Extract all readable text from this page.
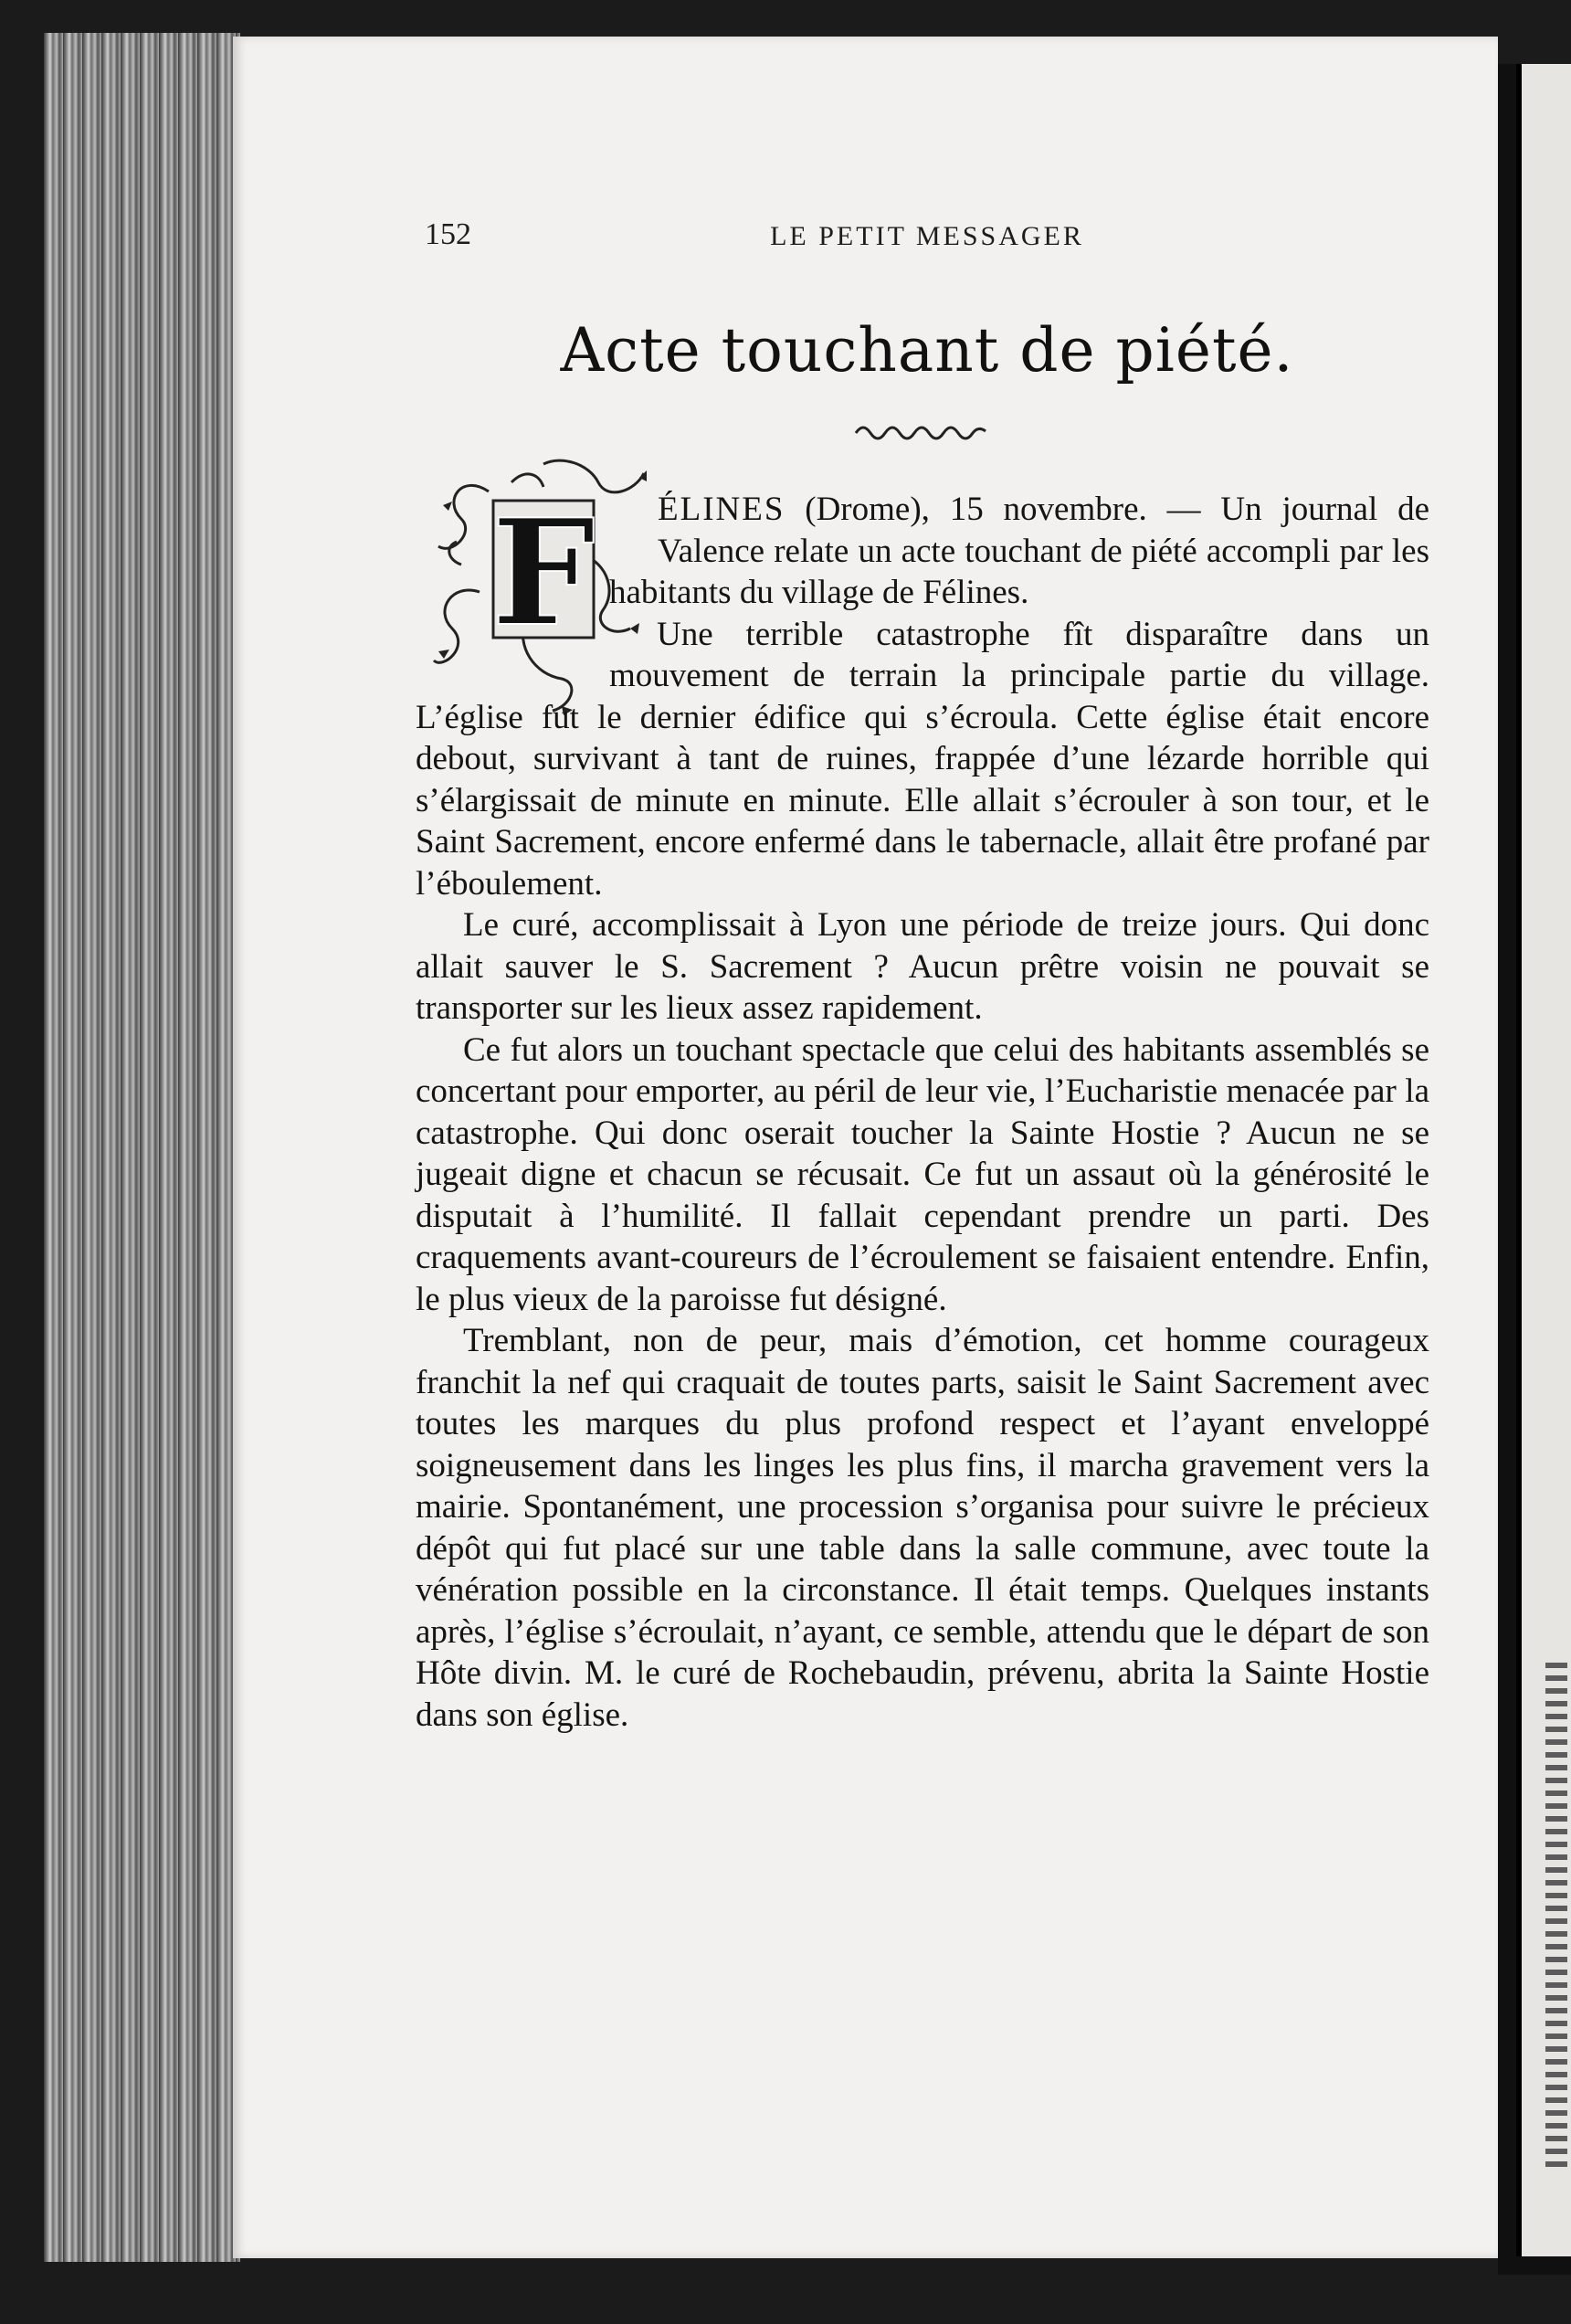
152	LE PETIT MESSAGER
Acte touchant de piété.
F	ÉLINES (Drome), 15 novembre. — Un journal de Valence relate un acte touchant de piété accompli par les habitants du village de Félines.

Une terrible catastrophe fît disparaître dans un mouvement de terrain la principale partie du village. L’église fut le dernier édifice qui s’écroula. Cette église était encore debout, survivant à tant de ruines, frappée d’une lézarde horrible qui s’élargissait de minute en minute. Elle allait s’écrouler à son tour, et le Saint Sacrement, encore enfermé dans le tabernacle, allait être profané par l’éboulement.

Le curé, accomplissait à Lyon une période de treize jours. Qui donc allait sauver le S. Sacrement ? Aucun prêtre voisin ne pouvait se transporter sur les lieux assez rapidement.

Ce fut alors un touchant spectacle que celui des habitants assemblés se concertant pour emporter, au péril de leur vie, l’Eucharistie menacée par la catastrophe. Qui donc oserait toucher la Sainte Hostie ? Aucun ne se jugeait digne et chacun se récusait. Ce fut un assaut où la générosité le disputait à l’humilité. Il fallait cependant prendre un parti. Des craquements avant-coureurs de l’écroulement se faisaient entendre. Enfin, le plus vieux de la paroisse fut désigné.

Tremblant, non de peur, mais d’émotion, cet homme courageux franchit la nef qui craquait de toutes parts, saisit le Saint Sacrement avec toutes les marques du plus profond respect et l’ayant enveloppé soigneusement dans les linges les plus fins, il marcha gravement vers la mairie. Spontanément, une procession s’organisa pour suivre le précieux dépôt qui fut placé sur une table dans la salle commune, avec toute la vénération possible en la circonstance. Il était temps. Quelques instants après, l’église s’écroulait, n’ayant, ce semble, attendu que le départ de son Hôte divin. M. le curé de Rochebaudin, prévenu, abrita la Sainte Hostie dans son église.
